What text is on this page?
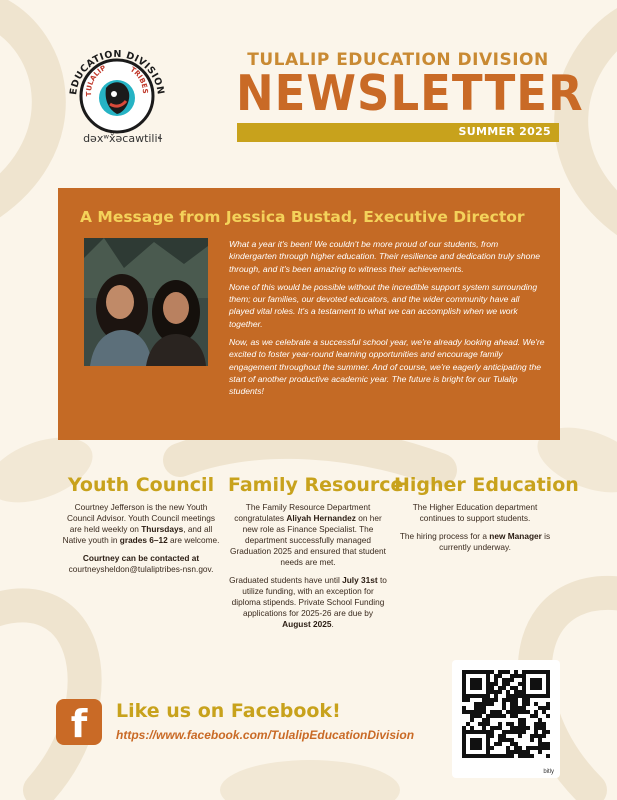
EDUCATION DIVISION
TULALIP	TRIBES
dəxʷx̌əcawtiliɬ
TULALIP EDUCATION DIVISION
NEWSLETTER
SUMMER 2025
A Message from Jessica Bustad, Executive Director

What a year it's been! We couldn't be more proud of our students, from kindergarten through higher education. Their resilience and dedication truly shone through, and it's been amazing to witness their achievements.

None of this would be possible without the incredible support system surrounding them; our families, our devoted educators, and the wider community have all played vital roles. It's a testament to what we can accomplish when we work together.

Now, as we celebrate a successful school year, we're already looking ahead. We're excited to foster year-round learning opportunities and encourage family engagement throughout the summer. And of course, we're eagerly anticipating the start of another productive academic year. The future is bright for our Tulalip students!

Youth Council

Courtney Jefferson is the new Youth Council Advisor. Youth Council meetings are held weekly on Thursdays, and all Native youth in grades 6–12 are welcome.

Courtney can be contacted at
courtneysheldon@tulaliptribes-nsn.gov.

Family Resource

The Family Resource Department congratulates Aliyah Hernandez on her new role as Finance Specialist. The department successfully managed Graduation 2025 and ensured that student needs are met.

Graduated students have until July 31st to utilize funding, with an exception for diploma stipends. Private School Funding applications for 2025-26 are due by August 2025.

Higher Education

The Higher Education department continues to support students.

The hiring process for a new Manager is currently underway.

f	Like us on Facebook!
https://www.facebook.com/TulalipEducationDivision
bitly
